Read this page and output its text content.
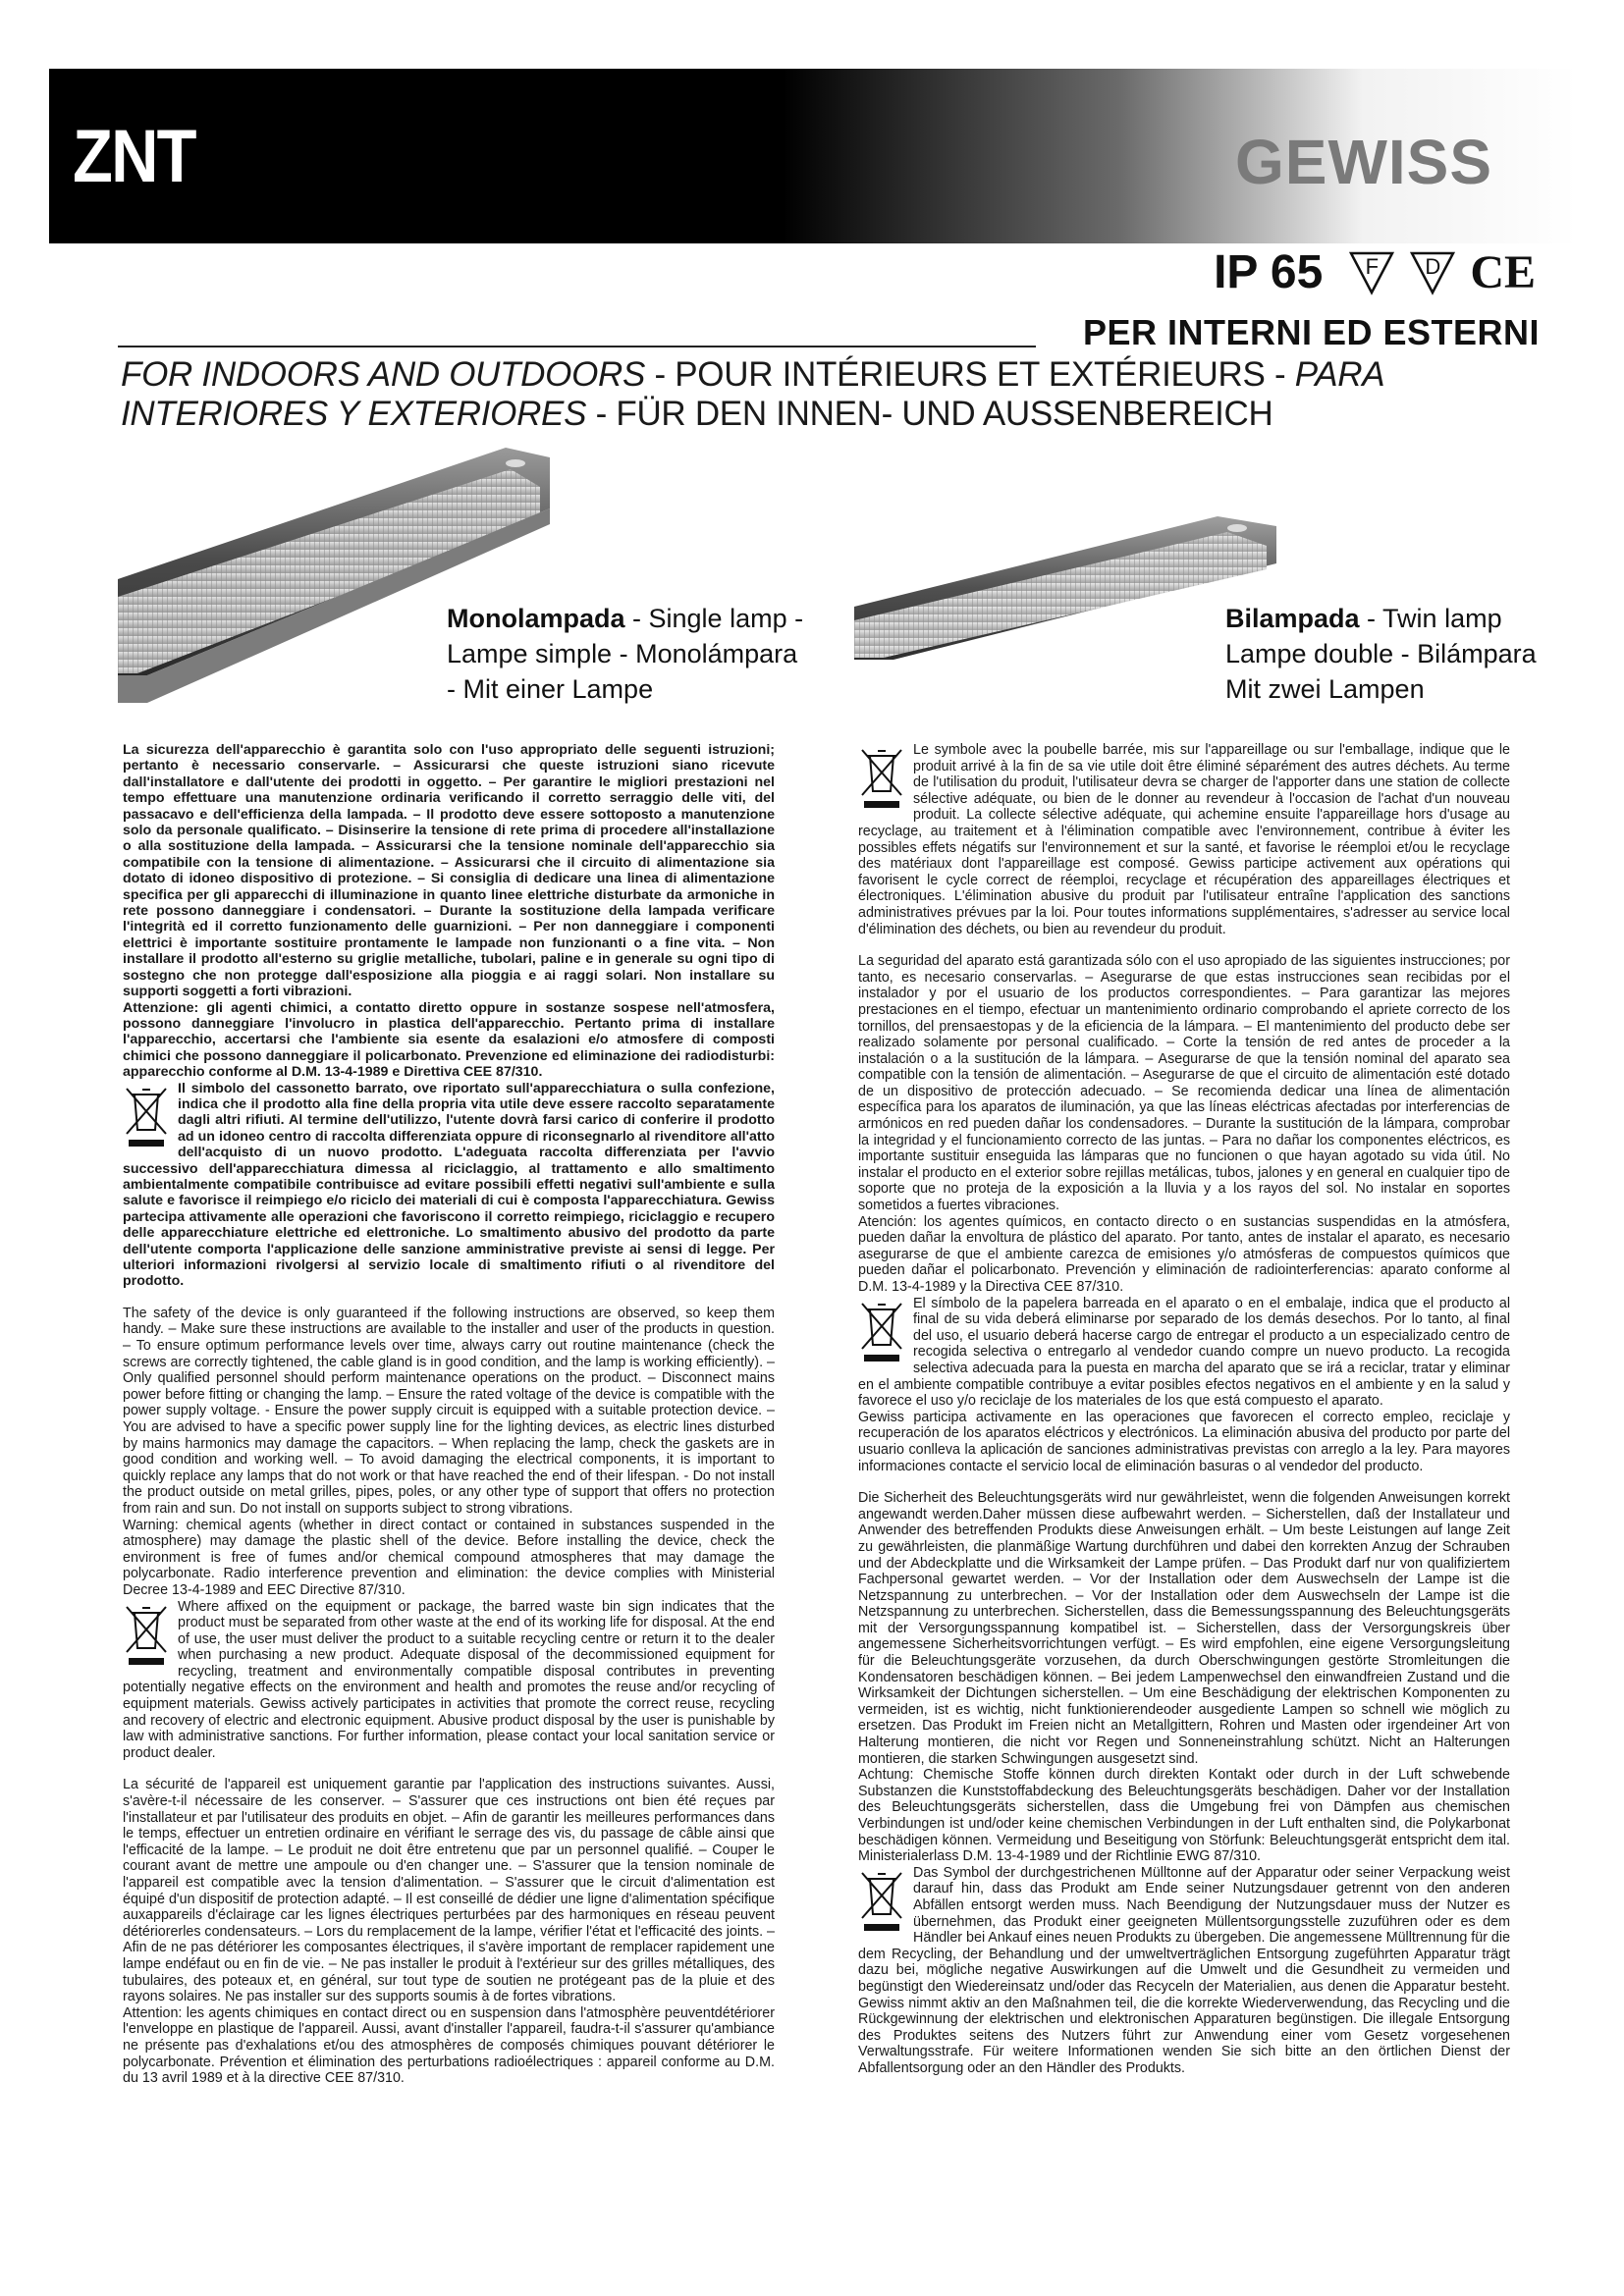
ZNT	GEWISS
IP 65	F	D CE
PER INTERNI ED ESTERNI
FOR INDOORS AND OUTDOORS - POUR INTÉRIEURS ET EXTÉRIEURS - PARA INTERIORES Y EXTERIORES - FÜR DEN INNEN- UND AUSSENBEREICH
Monolampada - Single lamp -
Lampe simple - Monolámpara
- Mit einer Lampe
Bilampada - Twin lamp
Lampe double - Bilámpara
Mit zwei Lampen

La sicurezza dell'apparecchio è garantita solo con l'uso appropriato delle seguenti istruzioni; pertanto è necessario conservarle. – Assicurarsi che queste istruzioni siano ricevute dall'installatore e dall'utente dei prodotti in oggetto. – Per garantire le migliori prestazioni nel tempo effettuare una manutenzione ordinaria verificando il corretto serraggio delle viti, del passacavo e dell'efficienza della lampada. – Il prodotto deve essere sottoposto a manutenzione solo da personale qualificato. – Disinserire la tensione di rete prima di procedere all'installazione o alla sostituzione della lampada. – Assicurarsi che la tensione nominale dell'apparecchio sia compatibile con la tensione di alimentazione. – Assicurarsi che il circuito di alimentazione sia dotato di idoneo dispositivo di protezione. – Si consiglia di dedicare una linea di alimentazione specifica per gli apparecchi di illuminazione in quanto linee elettriche disturbate da armoniche in rete possono danneggiare i condensatori. – Durante la sostituzione della lampada verificare l'integrità ed il corretto funzionamento delle guarnizioni. – Per non danneggiare i componenti elettrici è importante sostituire prontamente le lampade non funzionanti o a fine vita. – Non installare il prodotto all'esterno su griglie metalliche, tubolari, paline e in generale su ogni tipo di sostegno che non protegge dall'esposizione alla pioggia e ai raggi solari. Non installare su supporti soggetti a forti vibrazioni.

Attenzione: gli agenti chimici, a contatto diretto oppure in sostanze sospese nell'atmosfera, possono danneggiare l'involucro in plastica dell'apparecchio. Pertanto prima di installare l'apparecchio, accertarsi che l'ambiente sia esente da esalazioni e/o atmosfere di composti chimici che possono danneggiare il policarbonato. Prevenzione ed eliminazione dei radiodisturbi: apparecchio conforme al D.M. 13-4-1989 e Direttiva CEE 87/310.

Il simbolo del cassonetto barrato, ove riportato sull'apparecchiatura o sulla confezione, indica che il prodotto alla fine della propria vita utile deve essere raccolto separatamente dagli altri rifiuti. Al termine dell'utilizzo, l'utente dovrà farsi carico di conferire il prodotto ad un idoneo centro di raccolta differenziata oppure di riconsegnarlo al rivenditore all'atto dell'acquisto di un nuovo prodotto. L'adeguata raccolta differenziata per l'avvio successivo dell'apparecchiatura dimessa al riciclaggio, al trattamento e allo smaltimento ambientalmente compatibile contribuisce ad evitare possibili effetti negativi sull'ambiente e sulla salute e favorisce il reimpiego e/o riciclo dei materiali di cui è composta l'apparecchiatura. Gewiss partecipa attivamente alle operazioni che favoriscono il corretto reimpiego, riciclaggio e recupero delle apparecchiature elettriche ed elettroniche. Lo smaltimento abusivo del prodotto da parte dell'utente comporta l'applicazione delle sanzione amministrative previste ai sensi di legge. Per ulteriori informazioni rivolgersi al servizio locale di smaltimento rifiuti o al rivenditore del prodotto.

The safety of the device is only guaranteed if the following instructions are observed, so keep them handy. – Make sure these instructions are available to the installer and user of the products in question. – To ensure optimum performance levels over time, always carry out routine maintenance (check the screws are correctly tightened, the cable gland is in good condition, and the lamp is working efficiently). – Only qualified personnel should perform maintenance operations on the product. – Disconnect mains power before fitting or changing the lamp. – Ensure the rated voltage of the device is compatible with the power supply voltage. - Ensure the power supply circuit is equipped with a suitable protection device. – You are advised to have a specific power supply line for the lighting devices, as electric lines disturbed by mains harmonics may damage the capacitors. – When replacing the lamp, check the gaskets are in good condition and working well. – To avoid damaging the electrical components, it is important to quickly replace any lamps that do not work or that have reached the end of their lifespan. - Do not install the product outside on metal grilles, pipes, poles, or any other type of support that offers no protection from rain and sun. Do not install on supports subject to strong vibrations.

Warning: chemical agents (whether in direct contact or contained in substances suspended in the atmosphere) may damage the plastic shell of the device. Before installing the device, check the environment is free of fumes and/or chemical compound atmospheres that may damage the polycarbonate. Radio interference prevention and elimination: the device complies with Ministerial Decree 13-4-1989 and EEC Directive 87/310.

Where affixed on the equipment or package, the barred waste bin sign indicates that the product must be separated from other waste at the end of its working life for disposal. At the end of use, the user must deliver the product to a suitable recycling centre or return it to the dealer when purchasing a new product. Adequate disposal of the decommissioned equipment for recycling, treatment and environmentally compatible disposal contributes in preventing potentially negative effects on the environment and health and promotes the reuse and/or recycling of equipment materials. Gewiss actively participates in activities that promote the correct reuse, recycling and recovery of electric and electronic equipment. Abusive product disposal by the user is punishable by law with administrative sanctions. For further information, please contact your local sanitation service or product dealer.

La sécurité de l'appareil est uniquement garantie par l'application des instructions suivantes. Aussi, s'avère-t-il nécessaire de les conserver. – S'assurer que ces instructions ont bien été reçues par l'installateur et par l'utilisateur des produits en objet. – Afin de garantir les meilleures performances dans le temps, effectuer un entretien ordinaire en vérifiant le serrage des vis, du passage de câble ainsi que l'efficacité de la lampe. – Le produit ne doit être entretenu que par un personnel qualifié. – Couper le courant avant de mettre une ampoule ou d'en changer une. – S'assurer que la tension nominale de l'appareil est compatible avec la tension d'alimentation. – S'assurer que le circuit d'alimentation est équipé d'un dispositif de protection adapté. – Il est conseillé de dédier une ligne d'alimentation spécifique auxappareils d'éclairage car les lignes électriques perturbées par des harmoniques en réseau peuvent détériorerles condensateurs. – Lors du remplacement de la lampe, vérifier l'état et l'efficacité des joints. – Afin de ne pas détériorer les composantes électriques, il s'avère important de remplacer rapidement une lampe endéfaut ou en fin de vie. – Ne pas installer le produit à l'extérieur sur des grilles métalliques, des tubulaires, des poteaux et, en général, sur tout type de soutien ne protégeant pas de la pluie et des rayons solaires. Ne pas installer sur des supports soumis à de fortes vibrations.

Attention: les agents chimiques en contact direct ou en suspension dans l'atmosphère peuventdétériorer l'enveloppe en plastique de l'appareil. Aussi, avant d'installer l'appareil, faudra-t-il s'assurer qu'ambiance ne présente pas d'exhalations et/ou des atmosphères de composés chimiques pouvant détériorer le polycarbonate. Prévention et élimination des perturbations radioélectriques : appareil conforme au D.M. du 13 avril 1989 et à la directive CEE 87/310.

Le symbole avec la poubelle barrée, mis sur l'appareillage ou sur l'emballage, indique que le produit arrivé à la fin de sa vie utile doit être éliminé séparément des autres déchets. Au terme de l'utilisation du produit, l'utilisateur devra se charger de l'apporter dans une station de collecte sélective adéquate, ou bien de le donner au revendeur à l'occasion de l'achat d'un nouveau produit. La collecte sélective adéquate, qui achemine ensuite l'appareillage hors d'usage au recyclage, au traitement et à l'élimination compatible avec l'environnement, contribue à éviter les possibles effets négatifs sur l'environnement et sur la santé, et favorise le réemploi et/ou le recyclage des matériaux dont l'appareillage est composé. Gewiss participe activement aux opérations qui favorisent le cycle correct de réemploi, recyclage et récupération des appareillages électriques et électroniques. L'élimination abusive du produit par l'utilisateur entraîne l'application des sanctions administratives prévues par la loi. Pour toutes informations supplémentaires, s'adresser au service local d'élimination des déchets, ou bien au revendeur du produit.

La seguridad del aparato está garantizada sólo con el uso apropiado de las siguientes instrucciones; por tanto, es necesario conservarlas. – Asegurarse de que estas instrucciones sean recibidas por el instalador y por el usuario de los productos correspondientes. – Para garantizar las mejores prestaciones en el tiempo, efectuar un mantenimiento ordinario comprobando el apriete correcto de los tornillos, del prensaestopas y de la eficiencia de la lámpara. – El mantenimiento del producto debe ser realizado solamente por personal cualificado. – Corte la tensión de red antes de proceder a la instalación o a la sustitución de la lámpara. – Asegurarse de que la tensión nominal del aparato sea compatible con la tensión de alimentación. – Asegurarse de que el circuito de alimentación esté dotado de un dispositivo de protección adecuado. – Se recomienda dedicar una línea de alimentación específica para los aparatos de iluminación, ya que las líneas eléctricas afectadas por interferencias de armónicos en red pueden dañar los condensadores. – Durante la sustitución de la lámpara, comprobar la integridad y el funcionamiento correcto de las juntas. – Para no dañar los componentes eléctricos, es importante sustituir enseguida las lámparas que no funcionen o que hayan agotado su vida útil. No instalar el producto en el exterior sobre rejillas metálicas, tubos, jalones y en general en cualquier tipo de soporte que no proteja de la exposición a la lluvia y a los rayos del sol. No instalar en soportes sometidos a fuertes vibraciones.

Atención: los agentes químicos, en contacto directo o en sustancias suspendidas en la atmósfera, pueden dañar la envoltura de plástico del aparato. Por tanto, antes de instalar el aparato, es necesario asegurarse de que el ambiente carezca de emisiones y/o atmósferas de compuestos químicos que pueden dañar el policarbonato. Prevención y eliminación de radiointerferencias: aparato conforme al D.M. 13-4-1989 y la Directiva CEE 87/310.

El símbolo de la papelera barreada en el aparato o en el embalaje, indica que el producto al final de su vida deberá eliminarse por separado de los demás desechos. Por lo tanto, al final del uso, el usuario deberá hacerse cargo de entregar el producto a un especializado centro de recogida selectiva o entregarlo al vendedor cuando compre un nuevo producto. La recogida selectiva adecuada para la puesta en marcha del aparato que se irá a reciclar, tratar y eliminar en el ambiente compatible contribuye a evitar posibles efectos negativos en el ambiente y en la salud y favorece el uso y/o reciclaje de los materiales de los que está compuesto el aparato.

Gewiss participa activamente en las operaciones que favorecen el correcto empleo, reciclaje y recuperación de los aparatos eléctricos y electrónicos. La eliminación abusiva del producto por parte del usuario conlleva la aplicación de sanciones administrativas previstas con arreglo a la ley. Para mayores informaciones contacte el servicio local de eliminación basuras o al vendedor del producto.

Die Sicherheit des Beleuchtungsgeräts wird nur gewährleistet, wenn die folgenden Anweisungen korrekt angewandt werden.Daher müssen diese aufbewahrt werden. – Sicherstellen, daß der Installateur und Anwender des betreffenden Produkts diese Anweisungen erhält. – Um beste Leistungen auf lange Zeit zu gewährleisten, die planmäßige Wartung durchführen und dabei den korrekten Anzug der Schrauben und der Abdeckplatte und die Wirksamkeit der Lampe prüfen. – Das Produkt darf nur von qualifiziertem Fachpersonal gewartet werden. – Vor der Installation oder dem Auswechseln der Lampe ist die Netzspannung zu unterbrechen. – Vor der Installation oder dem Auswechseln der Lampe ist die Netzspannung zu unterbrechen. Sicherstellen, dass die Bemessungsspannung des Beleuchtungsgeräts mit der Versorgungsspannung kompatibel ist. – Sicherstellen, dass der Versorgungskreis über angemessene Sicherheitsvorrichtungen verfügt. – Es wird empfohlen, eine eigene Versorgungsleitung für die Beleuchtungsgeräte vorzusehen, da durch Oberschwingungen gestörte Stromleitungen die Kondensatoren beschädigen können. – Bei jedem Lampenwechsel den einwandfreien Zustand und die Wirksamkeit der Dichtungen sicherstellen. – Um eine Beschädigung der elektrischen Komponenten zu vermeiden, ist es wichtig, nicht funktionierendeoder ausgediente Lampen so schnell wie möglich zu ersetzen. Das Produkt im Freien nicht an Metallgittern, Rohren und Masten oder irgendeiner Art von Halterung montieren, die nicht vor Regen und Sonneneinstrahlung schützt. Nicht an Halterungen montieren, die starken Schwingungen ausgesetzt sind.

Achtung: Chemische Stoffe können durch direkten Kontakt oder durch in der Luft schwebende Substanzen die Kunststoffabdeckung des Beleuchtungsgeräts beschädigen. Daher vor der Installation des Beleuchtungsgeräts sicherstellen, dass die Umgebung frei von Dämpfen aus chemischen Verbindungen ist und/oder keine chemischen Verbindungen in der Luft enthalten sind, die Polykarbonat beschädigen können. Vermeidung und Beseitigung von Störfunk: Beleuchtungsgerät entspricht dem ital. Ministerialerlass D.M. 13-4-1989 und der Richtlinie EWG 87/310.

Das Symbol der durchgestrichenen Mülltonne auf der Apparatur oder seiner Verpackung weist darauf hin, dass das Produkt am Ende seiner Nutzungsdauer getrennt von den anderen Abfällen entsorgt werden muss. Nach Beendigung der Nutzungsdauer muss der Nutzer es übernehmen, das Produkt einer geeigneten Müllentsorgungsstelle zuzuführen oder es dem Händler bei Ankauf eines neuen Produkts zu übergeben. Die angemessene Mülltrennung für die dem Recycling, der Behandlung und der umweltverträglichen Entsorgung zugeführten Apparatur trägt dazu bei, mögliche negative Auswirkungen auf die Umwelt und die Gesundheit zu vermeiden und begünstigt den Wiedereinsatz und/oder das Recyceln der Materialien, aus denen die Apparatur besteht. Gewiss nimmt aktiv an den Maßnahmen teil, die die korrekte Wiederverwendung, das Recycling und die Rückgewinnung der elektrischen und elektronischen Apparaturen begünstigen. Die illegale Entsorgung des Produktes seitens des Nutzers führt zur Anwendung einer vom Gesetz vorgesehenen Verwaltungsstrafe. Für weitere Informationen wenden Sie sich bitte an den örtlichen Dienst der Abfallentsorgung oder an den Händler des Produkts.
